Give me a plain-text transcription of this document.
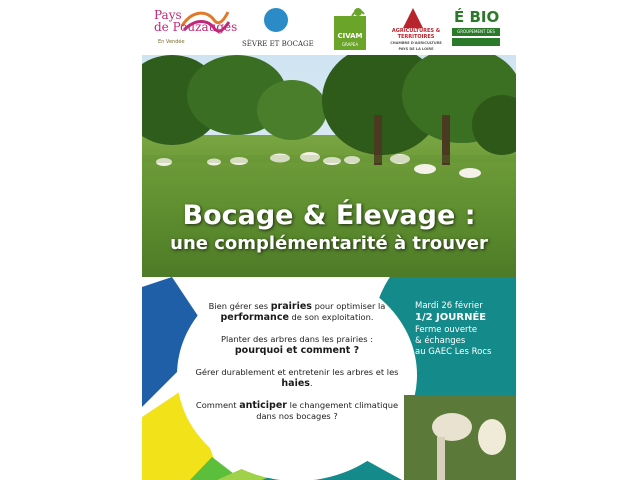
Pays
de Pouzauges
En Vendée	SÈVRE ET BOCAGE
CIVAM
GRAPEA
AGRICULTURES & TERRITOIRES
CHAMBRE D'AGRICULTURE PAYS DE LA LOIRE
É BIO
GROUPEMENT DES
Bocage & Élevage :
une complémentarité à trouver
Bien gérer ses prairies pour optimiser la performance de son exploitation.
Planter des arbres dans les prairies :
pourquoi et comment ?
Gérer durablement et entretenir les arbres et les haies.
Comment anticiper le changement climatique dans nos bocages ?
Mardi 26 février
1/2 JOURNÉE
Ferme ouverte
& échanges
au GAEC Les Rocs
